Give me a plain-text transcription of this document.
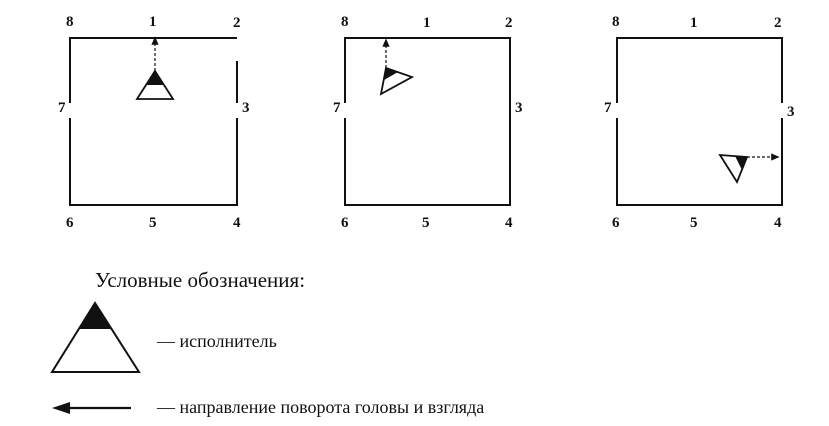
8	1	2
3
4
5
6
7
8	1	2
3
4
5
6
7
8	1	2
3
4
5
6
7
Условные обозначения:
— исполнитель
— направление поворота головы и взгляда
